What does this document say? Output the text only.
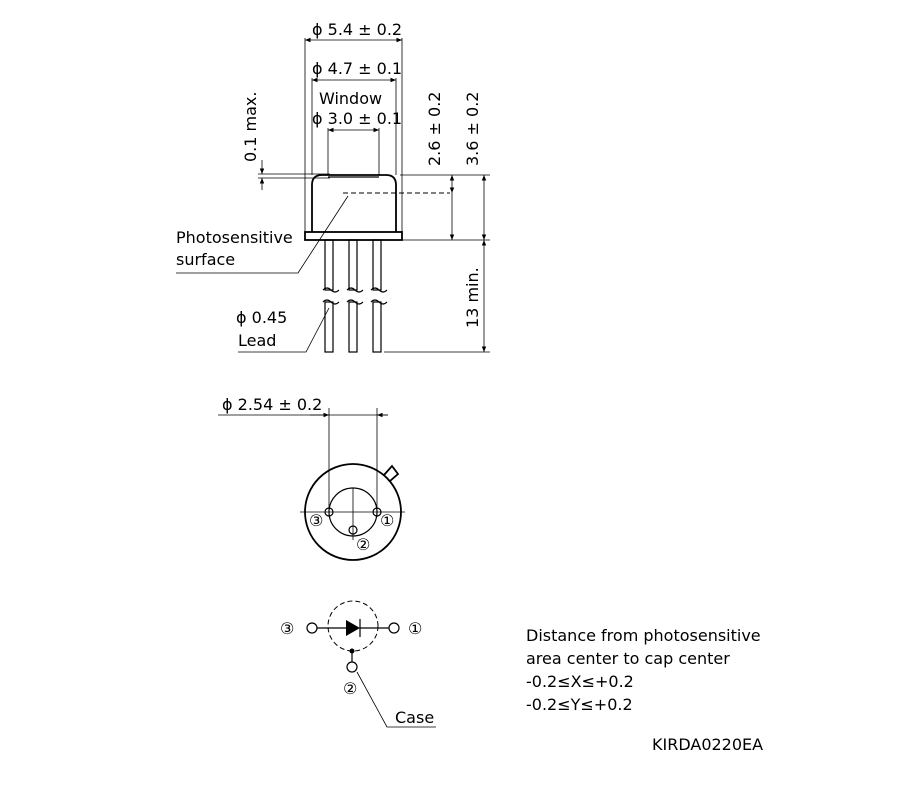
ϕ 5.4 ± 0.2
ϕ 4.7 ± 0.1
Window
ϕ 3.0 ± 0.1
0.1 max.	2.6 ± 0.2 3.6 ± 0.2
13 min.
Photosensitive
surface
ϕ 0.45
Lead
ϕ 2.54 ± 0.2
③	①
②
③	①
②
Case
Distance from photosensitive
area center to cap center
-0.2≤X≤+0.2
-0.2≤Y≤+0.2
KIRDA0220EA
